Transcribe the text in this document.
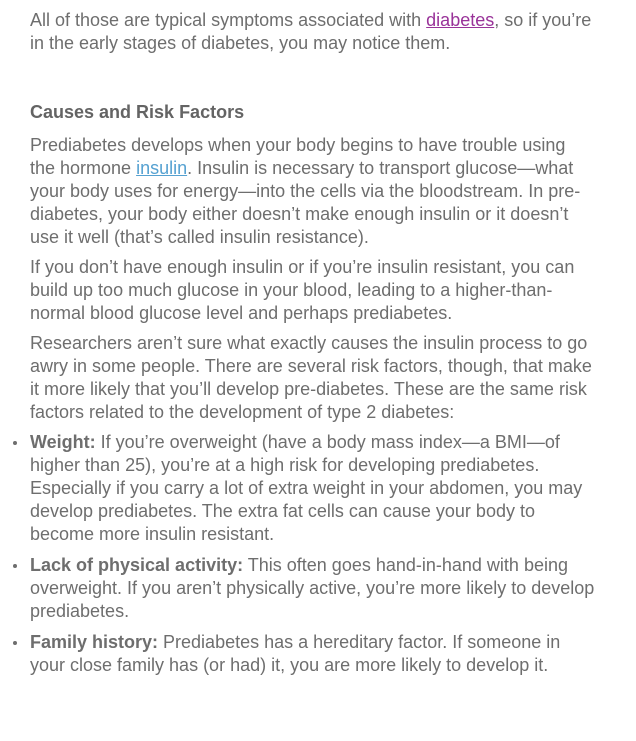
All of those are typical symptoms associated with diabetes, so if you’re in the early stages of diabetes, you may notice them.

Causes and Risk Factors

Prediabetes develops when your body begins to have trouble using the hormone insulin. Insulin is necessary to transport glucose—what your body uses for energy—into the cells via the bloodstream. In pre-diabetes, your body either doesn’t make enough insulin or it doesn’t use it well (that’s called insulin resistance).

If you don’t have enough insulin or if you’re insulin resistant, you can build up too much glucose in your blood, leading to a higher-than-normal blood glucose level and perhaps prediabetes.

Researchers aren’t sure what exactly causes the insulin process to go awry in some people. There are several risk factors, though, that make it more likely that you’ll develop pre-diabetes. These are the same risk factors related to the development of type 2 diabetes:

Weight: If you’re overweight (have a body mass index—a BMI—of higher than 25), you’re at a high risk for developing prediabetes. Especially if you carry a lot of extra weight in your abdomen, you may develop prediabetes. The extra fat cells can cause your body to become more insulin resistant.
Lack of physical activity: This often goes hand-in-hand with being overweight. If you aren’t physically active, you’re more likely to develop prediabetes.
Family history: Prediabetes has a hereditary factor. If someone in your close family has (or had) it, you are more likely to develop it.
